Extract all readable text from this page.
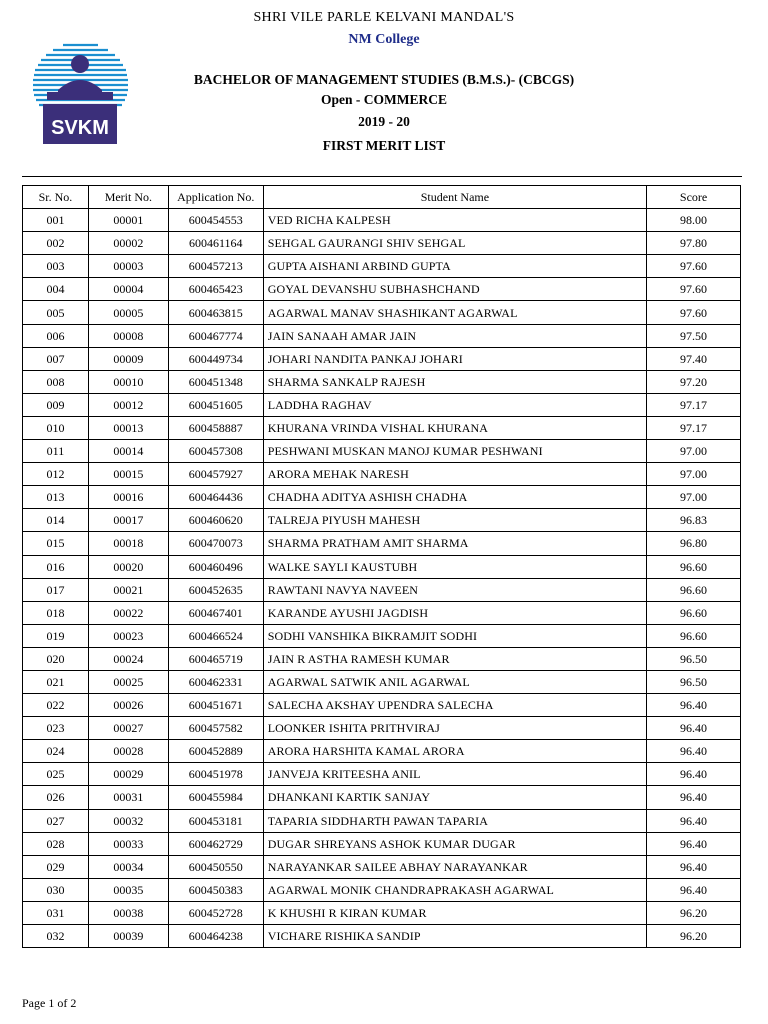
SVKM
SHRI VILE PARLE KELVANI MANDAL'S
NM College
BACHELOR OF MANAGEMENT STUDIES (B.M.S.)- (CBCGS)
Open - COMMERCE
2019 - 20
FIRST MERIT LIST
Sr. No.	Merit No.	Application No.	Student Name	Score
001	00001	600454553	VED RICHA KALPESH	98.00
002	00002	600461164	SEHGAL GAURANGI SHIV SEHGAL	97.80
003	00003	600457213	GUPTA AISHANI ARBIND GUPTA	97.60
004	00004	600465423	GOYAL DEVANSHU SUBHASHCHAND	97.60
005	00005	600463815	AGARWAL MANAV SHASHIKANT AGARWAL	97.60
006	00008	600467774	JAIN SANAAH AMAR JAIN	97.50
007	00009	600449734	JOHARI NANDITA PANKAJ JOHARI	97.40
008	00010	600451348	SHARMA SANKALP RAJESH	97.20
009	00012	600451605	LADDHA RAGHAV	97.17
010	00013	600458887	KHURANA VRINDA VISHAL KHURANA	97.17
011	00014	600457308	PESHWANI MUSKAN MANOJ KUMAR PESHWANI	97.00
012	00015	600457927	ARORA MEHAK NARESH	97.00
013	00016	600464436	CHADHA ADITYA ASHISH CHADHA	97.00
014	00017	600460620	TALREJA PIYUSH MAHESH	96.83
015	00018	600470073	SHARMA PRATHAM AMIT SHARMA	96.80
016	00020	600460496	WALKE SAYLI KAUSTUBH	96.60
017	00021	600452635	RAWTANI NAVYA NAVEEN	96.60
018	00022	600467401	KARANDE AYUSHI JAGDISH	96.60
019	00023	600466524	SODHI VANSHIKA BIKRAMJIT SODHI	96.60
020	00024	600465719	JAIN R ASTHA RAMESH KUMAR	96.50
021	00025	600462331	AGARWAL SATWIK ANIL AGARWAL	96.50
022	00026	600451671	SALECHA AKSHAY UPENDRA SALECHA	96.40
023	00027	600457582	LOONKER ISHITA PRITHVIRAJ	96.40
024	00028	600452889	ARORA HARSHITA KAMAL ARORA	96.40
025	00029	600451978	JANVEJA KRITEESHA ANIL	96.40
026	00031	600455984	DHANKANI KARTIK SANJAY	96.40
027	00032	600453181	TAPARIA SIDDHARTH PAWAN TAPARIA	96.40
028	00033	600462729	DUGAR SHREYANS ASHOK KUMAR DUGAR	96.40
029	00034	600450550	NARAYANKAR SAILEE ABHAY NARAYANKAR	96.40
030	00035	600450383	AGARWAL MONIK CHANDRAPRAKASH AGARWAL	96.40
031	00038	600452728	K KHUSHI R KIRAN KUMAR	96.20
032	00039	600464238	VICHARE RISHIKA SANDIP	96.20
Page 1 of 2
